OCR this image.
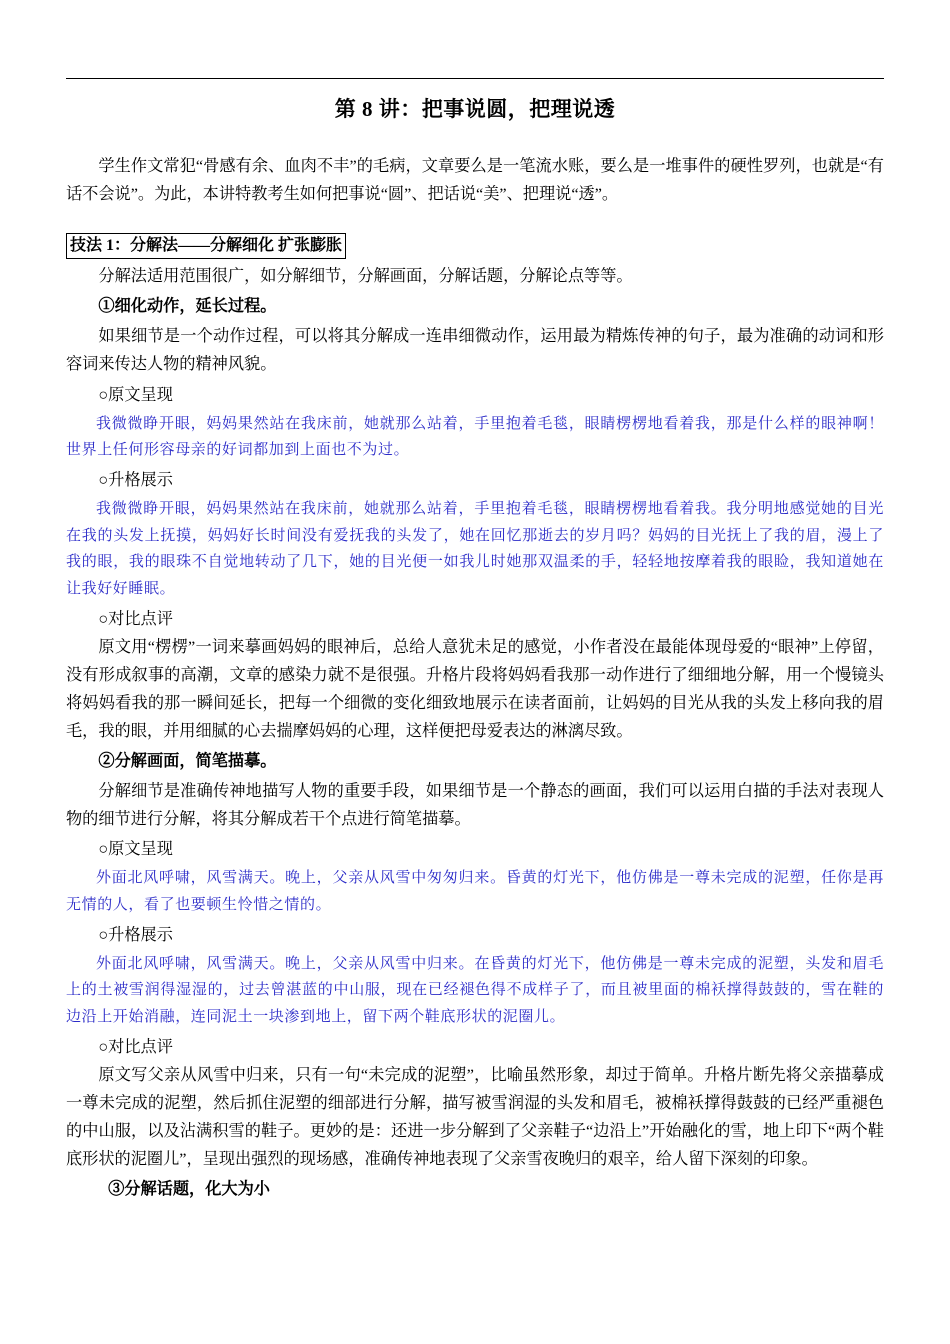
第 8 讲：把事说圆，把理说透

学生作文常犯“骨感有余、血肉不丰”的毛病，文章要么是一笔流水账，要么是一堆事件的硬性罗列，也就是“有话不会说”。为此，本讲特教考生如何把事说“圆”、把话说“美”、把理说“透”。

技法 1：分解法——分解细化 扩张膨胀

分解法适用范围很广，如分解细节，分解画面，分解话题，分解论点等等。

①细化动作，延长过程。

如果细节是一个动作过程，可以将其分解成一连串细微动作，运用最为精炼传神的句子，最为准确的动词和形容词来传达人物的精神风貌。

○原文呈现

我微微睁开眼，妈妈果然站在我床前，她就那么站着，手里抱着毛毯，眼睛楞楞地看着我，那是什么样的眼神啊！世界上任何形容母亲的好词都加到上面也不为过。

○升格展示

我微微睁开眼，妈妈果然站在我床前，她就那么站着，手里抱着毛毯，眼睛楞楞地看着我。我分明地感觉她的目光在我的头发上抚摸，妈妈好长时间没有爱抚我的头发了，她在回忆那逝去的岁月吗？妈妈的目光抚上了我的眉，漫上了我的眼，我的眼珠不自觉地转动了几下，她的目光便一如我儿时她那双温柔的手，轻轻地按摩着我的眼睑，我知道她在让我好好睡眠。

○对比点评

原文用“楞楞”一词来摹画妈妈的眼神后，总给人意犹未足的感觉，小作者没在最能体现母爱的“眼神”上停留，没有形成叙事的高潮，文章的感染力就不是很强。升格片段将妈妈看我那一动作进行了细细地分解，用一个慢镜头将妈妈看我的那一瞬间延长，把每一个细微的变化细致地展示在读者面前，让妈妈的目光从我的头发上移向我的眉毛，我的眼，并用细腻的心去揣摩妈妈的心理，这样便把母爱表达的淋漓尽致。

②分解画面，简笔描摹。

分解细节是准确传神地描写人物的重要手段，如果细节是一个静态的画面，我们可以运用白描的手法对表现人物的细节进行分解，将其分解成若干个点进行简笔描摹。

○原文呈现

外面北风呼啸，风雪满天。晚上，父亲从风雪中匆匆归来。昏黄的灯光下，他仿佛是一尊未完成的泥塑，任你是再无情的人，看了也要顿生怜惜之情的。

○升格展示

外面北风呼啸，风雪满天。晚上，父亲从风雪中归来。在昏黄的灯光下，他仿佛是一尊未完成的泥塑，头发和眉毛上的土被雪润得湿湿的，过去曾湛蓝的中山服，现在已经褪色得不成样子了，而且被里面的棉袄撑得鼓鼓的，雪在鞋的边沿上开始消融，连同泥土一块渗到地上，留下两个鞋底形状的泥圈儿。

○对比点评

原文写父亲从风雪中归来，只有一句“未完成的泥塑”，比喻虽然形象，却过于简单。升格片断先将父亲描摹成一尊未完成的泥塑，然后抓住泥塑的细部进行分解，描写被雪润湿的头发和眉毛，被棉袄撑得鼓鼓的已经严重褪色的中山服，以及沾满积雪的鞋子。更妙的是：还进一步分解到了父亲鞋子“边沿上”开始融化的雪，地上印下“两个鞋底形状的泥圈儿”，呈现出强烈的现场感，准确传神地表现了父亲雪夜晚归的艰辛，给人留下深刻的印象。

③分解话题，化大为小
